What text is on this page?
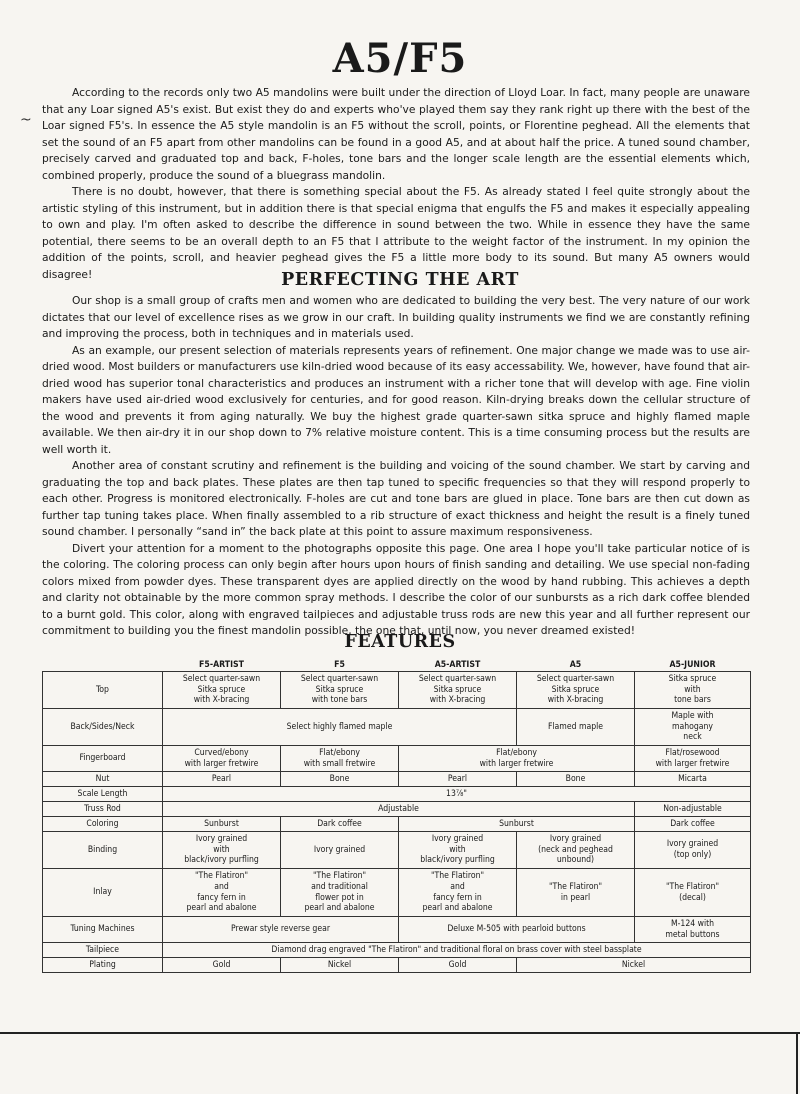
A5/F5
~

According to the records only two A5 mandolins were built under the direction of Lloyd Loar. In fact, many people are unaware that any Loar signed A5's exist. But exist they do and experts who've played them say they rank right up there with the best of the Loar signed F5's. In essence the A5 style mandolin is an F5 without the scroll, points, or Florentine peghead. All the elements that set the sound of an F5 apart from other mandolins can be found in a good A5, and at about half the price. A tuned sound chamber, precisely carved and graduated top and back, F-holes, tone bars and the longer scale length are the essential elements which, combined properly, produce the sound of a bluegrass mandolin.

There is no doubt, however, that there is something special about the F5. As already stated I feel quite strongly about the artistic styling of this instrument, but in addition there is that special enigma that engulfs the F5 and makes it especially appealing to own and play. I'm often asked to describe the difference in sound between the two. While in essence they have the same potential, there seems to be an overall depth to an F5 that I attribute to the weight factor of the instrument. In my opinion the addition of the points, scroll, and heavier peghead gives the F5 a little more body to its sound. But many A5 owners would disagree!	PERFECTING THE ART

Our shop is a small group of crafts men and women who are dedicated to building the very best. The very nature of our work dictates that our level of excellence rises as we grow in our craft. In building quality instruments we find we are constantly refining and improving the process, both in techniques and in materials used.

As an example, our present selection of materials represents years of refinement. One major change we made was to use air-dried wood. Most builders or manufacturers use kiln-dried wood because of its easy accessability. We, however, have found that air-dried wood has superior tonal characteristics and produces an instrument with a richer tone that will develop with age. Fine violin makers have used air-dried wood exclusively for centuries, and for good reason. Kiln-drying breaks down the cellular structure of the wood and prevents it from aging naturally. We buy the highest grade quarter-sawn sitka spruce and highly flamed maple available. We then air-dry it in our shop down to 7% relative moisture content. This is a time consuming process but the results are well worth it.

Another area of constant scrutiny and refinement is the building and voicing of the sound chamber. We start by carving and graduating the top and back plates. These plates are then tap tuned to specific frequencies so that they will respond properly to each other. Progress is monitored electronically. F-holes are cut and tone bars are glued in place. Tone bars are then cut down as further tap tuning takes place. When finally assembled to a rib structure of exact thickness and height the result is a finely tuned sound chamber. I personally “sand in” the back plate at this point to assure maximum responsiveness.

Divert your attention for a moment to the photographs opposite this page. One area I hope you'll take particular notice of is the coloring. The coloring process can only begin after hours upon hours of finish sanding and detailing. We use special non-fading colors mixed from powder dyes. These transparent dyes are applied directly on the wood by hand rubbing. This achieves a depth and clarity not obtainable by the more common spray methods. I describe the color of our sunbursts as a rich dark coffee blended to a burnt gold. This color, along with engraved tailpieces and adjustable truss rods are new this year and all further represent our commitment to building you the finest mandolin possible, the one that, until now, you never dreamed existed!

FEATURES
	F5-ARTIST	F5	A5-ARTIST	A5	A5-JUNIOR
Top	Select quarter-sawn
Sitka spruce
with X-bracing	Select quarter-sawn
Sitka spruce
with tone bars	Select quarter-sawn
Sitka spruce
with X-bracing	Select quarter-sawn
Sitka spruce
with X-bracing	Sitka spruce
with
tone bars
Back/Sides/Neck	Select highly flamed maple			Flamed maple	Maple with
mahogany
neck
Fingerboard	Curved/ebony
with larger fretwire	Flat/ebony
with small fretwire	Flat/ebony
with larger fretwire		Flat/rosewood
with larger fretwire
Nut	Pearl	Bone	Pearl	Bone	Micarta
Scale Length	13⅞"				
Truss Rod	Adjustable				Non-adjustable
Coloring	Sunburst	Dark coffee	Sunburst		Dark coffee
Binding	Ivory grained
with
black/ivory purfling	Ivory grained	Ivory grained
with
black/ivory purfling	Ivory grained
(neck and peghead
unbound)	Ivory grained
(top only)
Inlay	"The Flatiron"
and
fancy fern in
pearl and abalone	"The Flatiron"
and traditional
flower pot in
pearl and abalone	"The Flatiron"
and
fancy fern in
pearl and abalone	"The Flatiron"
in pearl	"The Flatiron"
(decal)
Tuning Machines	Prewar style reverse gear		Deluxe M-505 with pearloid buttons		M-124 with
metal buttons
Tailpiece	Diamond drag engraved "The Flatiron" and traditional floral on brass cover with steel bassplate				
Plating	Gold	Nickel	Gold	Nickel	
